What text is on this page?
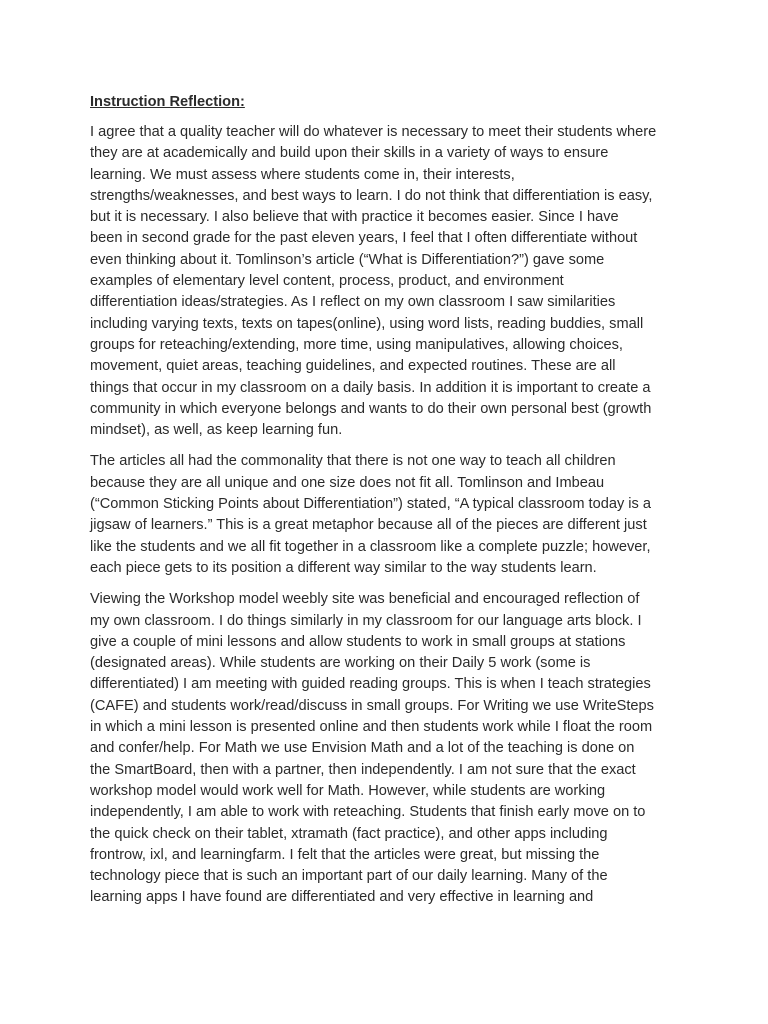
Instruction Reflection:
I agree that a quality teacher will do whatever is necessary to meet their students where
they are at academically and build upon their skills in a variety of ways to ensure
learning. We must assess where students come in, their interests,
strengths/weaknesses, and best ways to learn. I do not think that differentiation is easy,
but it is necessary. I also believe that with practice it becomes easier. Since I have
been in second grade for the past eleven years, I feel that I often differentiate without
even thinking about it. Tomlinson’s article (“What is Differentiation?”) gave some
examples of elementary level content, process, product, and environment
differentiation ideas/strategies. As I reflect on my own classroom I saw similarities
including varying texts, texts on tapes(online), using word lists, reading buddies, small
groups for reteaching/extending, more time, using manipulatives, allowing choices,
movement, quiet areas, teaching guidelines, and expected routines. These are all
things that occur in my classroom on a daily basis. In addition it is important to create a
community in which everyone belongs and wants to do their own personal best (growth
mindset), as well, as keep learning fun.
The articles all had the commonality that there is not one way to teach all children
because they are all unique and one size does not fit all. Tomlinson and Imbeau
(“Common Sticking Points about Differentiation”) stated, “A typical classroom today is a
jigsaw of learners.” This is a great metaphor because all of the pieces are different just
like the students and we all fit together in a classroom like a complete puzzle; however,
each piece gets to its position a different way similar to the way students learn.
Viewing the Workshop model weebly site was beneficial and encouraged reflection of
my own classroom. I do things similarly in my classroom for our language arts block. I
give a couple of mini lessons and allow students to work in small groups at stations
(designated areas). While students are working on their Daily 5 work (some is
differentiated) I am meeting with guided reading groups. This is when I teach strategies
(CAFE) and students work/read/discuss in small groups. For Writing we use WriteSteps
in which a mini lesson is presented online and then students work while I float the room
and confer/help. For Math we use Envision Math and a lot of the teaching is done on
the SmartBoard, then with a partner, then independently. I am not sure that the exact
workshop model would work well for Math. However, while students are working
independently, I am able to work with reteaching. Students that finish early move on to
the quick check on their tablet, xtramath (fact practice), and other apps including
frontrow, ixl, and learningfarm. I felt that the articles were great, but missing the
technology piece that is such an important part of our daily learning. Many of the
learning apps I have found are differentiated and very effective in learning and
